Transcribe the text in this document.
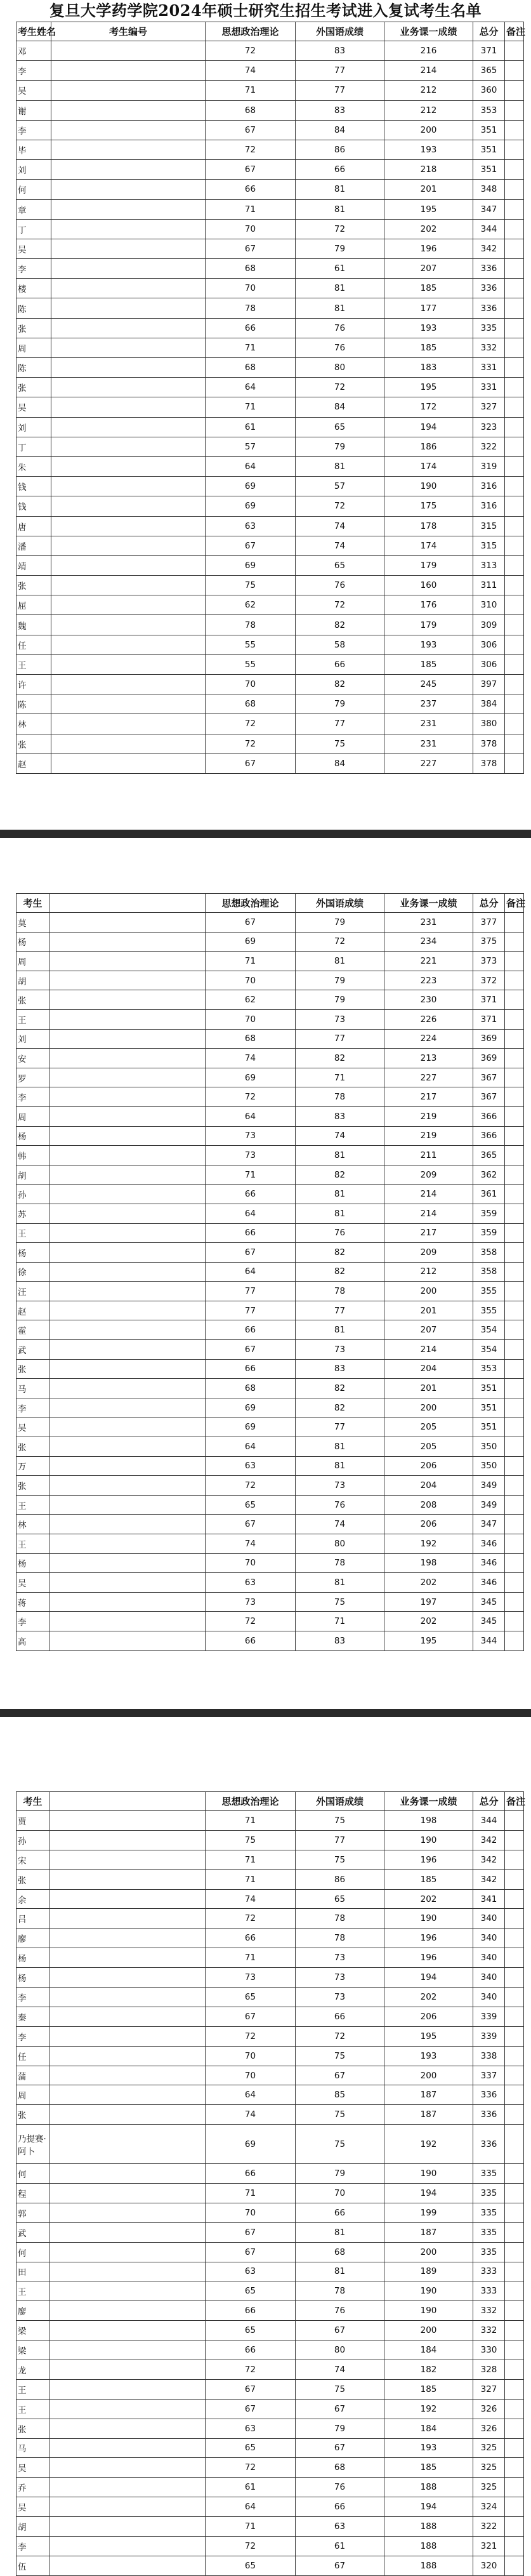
复旦大学药学院2024年硕士研究生招生考试进入复试考生名单
考生姓名	考生编号	思想政治理论	外国语成绩	业务课一成绩	总分	备注
邓		72	83	216	371	
李		74	77	214	365	
吴		71	77	212	360	
谢		68	83	212	353	
李		67	84	200	351	
毕		72	86	193	351	
刘		67	66	218	351	
何		66	81	201	348	
章		71	81	195	347	
丁		70	72	202	344	
吴		67	79	196	342	
李		68	61	207	336	
楼		70	81	185	336	
陈		78	81	177	336	
张		66	76	193	335	
周		71	76	185	332	
陈		68	80	183	331	
张		64	72	195	331	
吴		71	84	172	327	
刘		61	65	194	323	
丁		57	79	186	322	
朱		64	81	174	319	
钱		69	57	190	316	
钱		69	72	175	316	
唐		63	74	178	315	
潘		67	74	174	315	
靖		69	65	179	313	
张		75	76	160	311	
屈		62	72	176	310	
魏		78	82	179	309	
任		55	58	193	306	
王		55	66	185	306	
许		70	82	245	397	
陈		68	79	237	384	
林		72	77	231	380	
张		72	75	231	378	
赵		67	84	227	378	
考生		思想政治理论	外国语成绩	业务课一成绩	总分	备注
莫		67	79	231	377	
杨		69	72	234	375	
周		71	81	221	373	
胡		70	79	223	372	
张		62	79	230	371	
王		70	73	226	371	
刘		68	77	224	369	
安		74	82	213	369	
罗		69	71	227	367	
李		72	78	217	367	
周		64	83	219	366	
杨		73	74	219	366	
韩		73	81	211	365	
胡		71	82	209	362	
孙		66	81	214	361	
苏		64	81	214	359	
王		66	76	217	359	
杨		67	82	209	358	
徐		64	82	212	358	
汪		77	78	200	355	
赵		77	77	201	355	
霍		66	81	207	354	
武		67	73	214	354	
张		66	83	204	353	
马		68	82	201	351	
李		69	82	200	351	
吴		69	77	205	351	
张		64	81	205	350	
万		63	81	206	350	
张		72	73	204	349	
王		65	76	208	349	
林		67	74	206	347	
王		74	80	192	346	
杨		70	78	198	346	
吴		63	81	202	346	
蒋		73	75	197	345	
李		72	71	202	345	
高		66	83	195	344	
考生		思想政治理论	外国语成绩	业务课一成绩	总分	备注
贾		71	75	198	344	
孙		75	77	190	342	
宋		71	75	196	342	
张		71	86	185	342	
余		74	65	202	341	
吕		72	78	190	340	
廖		66	78	196	340	
杨		71	73	196	340	
杨		73	73	194	340	
李		65	73	202	340	
秦		67	66	206	339	
李		72	72	195	339	
任		70	75	193	338	
蒲		70	67	200	337	
周		64	85	187	336	
张		74	75	187	336	
乃提赛·阿卜		69	75	192	336	
何		66	79	190	335	
程		71	70	194	335	
郭		70	66	199	335	
武		67	81	187	335	
何		67	68	200	335	
田		63	81	189	333	
王		65	78	190	333	
廖		66	76	190	332	
梁		65	67	200	332	
梁		66	80	184	330	
龙		72	74	182	328	
王		67	75	185	327	
王		67	67	192	326	
张		63	79	184	326	
马		65	67	193	325	
吴		72	68	185	325	
乔		61	76	188	325	
吴		64	66	194	324	
胡		71	63	188	322	
李		72	61	188	321	
伍		65	67	188	320	
